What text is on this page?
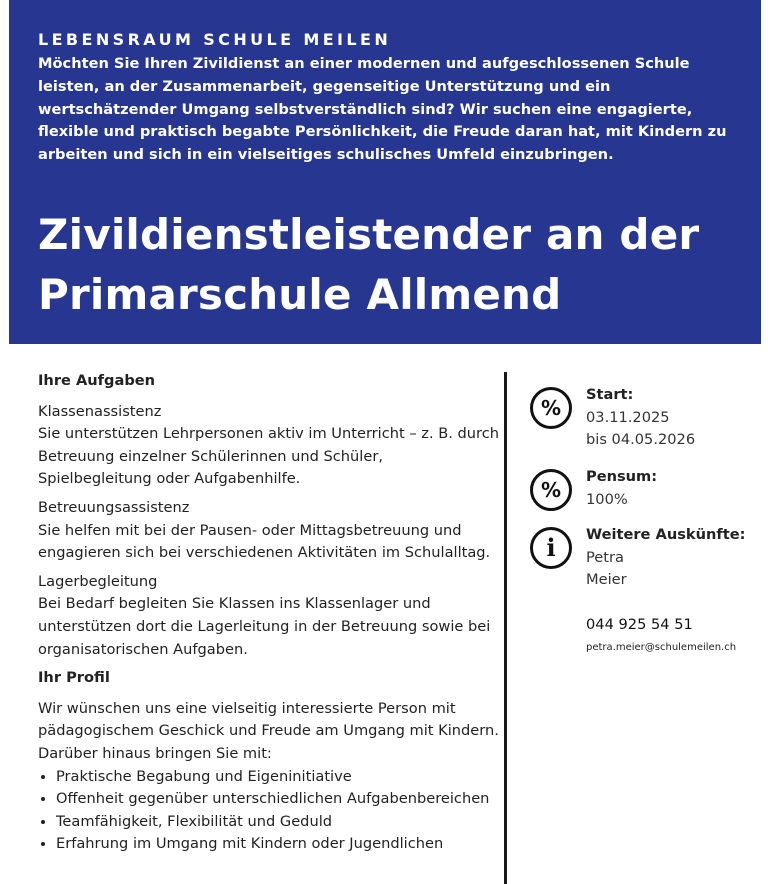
LEBENSRAUM SCHULE MEILEN

Möchten Sie Ihren Zivildienst an einer modernen und aufgeschlossenen Schule leisten, an der Zusammenarbeit, gegenseitige Unterstützung und ein wertschätzender Umgang selbstverständlich sind? Wir suchen eine engagierte, flexible und praktisch begabte Persönlichkeit, die Freude daran hat, mit Kindern zu arbeiten und sich in ein vielseitiges schulisches Umfeld einzubringen.

Zivildienstleistender an der Primarschule Allmend
Ihre Aufgaben

Klassenassistenz

Sie unterstützen Lehrpersonen aktiv im Unterricht – z. B. durch Betreuung einzelner Schülerinnen und Schüler, Spielbegleitung oder Aufgabenhilfe.

Betreuungsassistenz

Sie helfen mit bei der Pausen- oder Mittagsbetreuung und engagieren sich bei verschiedenen Aktivitäten im Schulalltag.

Lagerbegleitung

Bei Bedarf begleiten Sie Klassen ins Klassenlager und unterstützen dort die Lagerleitung in der Betreuung sowie bei organisatorischen Aufgaben.

Ihr Profil

Wir wünschen uns eine vielseitig interessierte Person mit pädagogischem Geschick und Freude am Umgang mit Kindern. Darüber hinaus bringen Sie mit:

• Praktische Begabung und Eigeninitiative
• Offenheit gegenüber unterschiedlichen Aufgabenbereichen
• Teamfähigkeit, Flexibilität und Geduld
• Erfahrung im Umgang mit Kindern oder Jugendlichen
%
Start:
03.11.2025
bis 04.05.2026
%
Pensum:
100%
i	Weitere Auskünfte:
Petra
Meier
044 925 54 51
petra.meier@schulemeilen.ch
